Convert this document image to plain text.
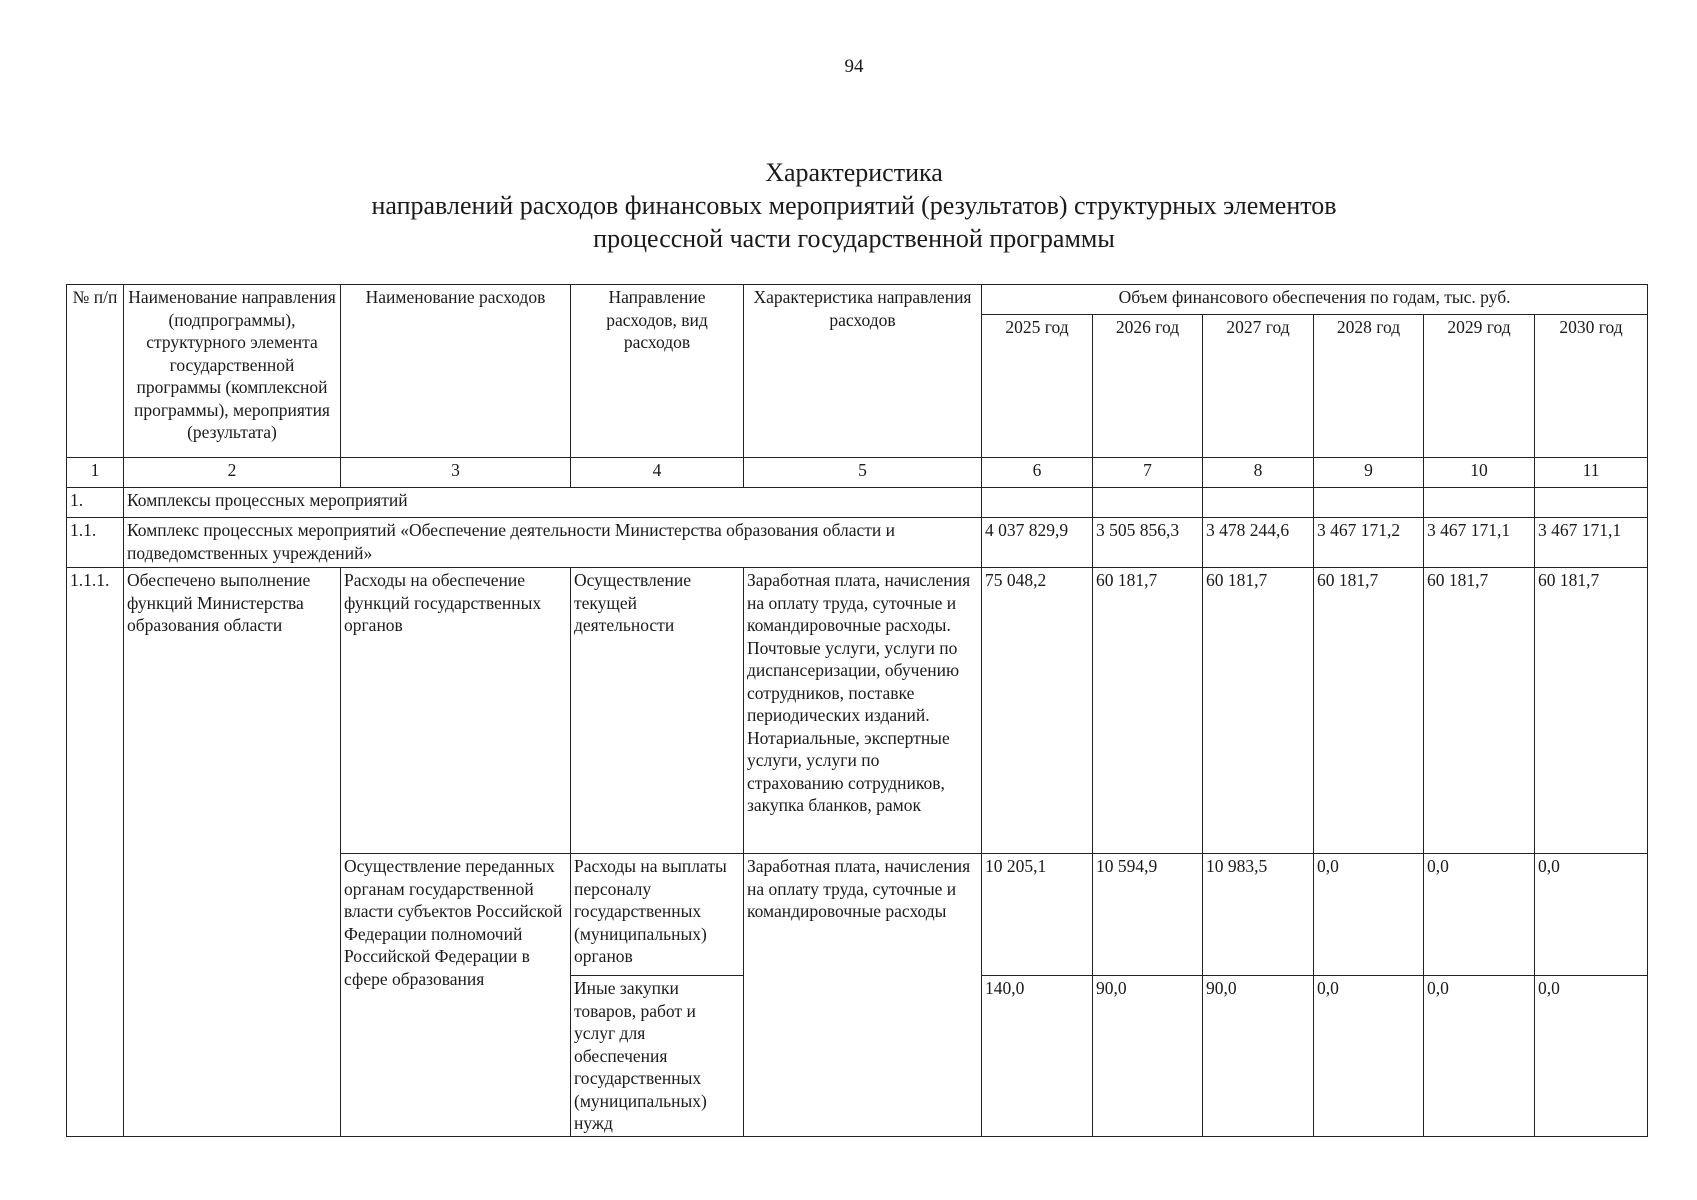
94
Характеристика
направлений расходов финансовых мероприятий (результатов) структурных элементов
процессной части государственной программы
№ п/п	Наименование направления (подпрограммы), структурного элемента государственной программы (комплексной программы), мероприятия (результата)	Наименование расходов	Направление расходов, вид расходов	Характеристика направления расходов	Объем финансового обеспечения по годам, тыс. руб.					
					2025 год	2026 год	2027 год	2028 год	2029 год	2030 год
1	2	3	4	5	6	7	8	9	10	11
1.	Комплексы процессных мероприятий									
1.1.	Комплекс процессных мероприятий «Обеспечение деятельности Министерства образования области и подведомственных учреждений»				4 037 829,9	3 505 856,3	3 478 244,6	3 467 171,2	3 467 171,1	3 467 171,1
1.1.1.	Обеспечено выполнение функций Министерства образования области	Расходы на обеспечение функций государственных органов	Осуществление текущей деятельности	Заработная плата, начисления на оплату труда, суточные и командировочные расходы. Почтовые услуги, услуги по диспансеризации, обучению сотрудников, поставке периодических изданий. Нотариальные, экспертные услуги, услуги по страхованию сотрудников, закупка бланков, рамок	75 048,2	60 181,7	60 181,7	60 181,7	60 181,7	60 181,7
		Осуществление переданных органам государственной власти субъектов Российской Федерации полномочий Российской Федерации в сфере образования	Расходы на выплаты персоналу государственных (муниципальных) органов	Заработная плата, начисления на оплату труда, суточные и командировочные расходы	10 205,1	10 594,9	10 983,5	0,0	0,0	0,0
			Иные закупки товаров, работ и услуг для обеспечения государственных (муниципальных) нужд		140,0	90,0	90,0	0,0	0,0	0,0
